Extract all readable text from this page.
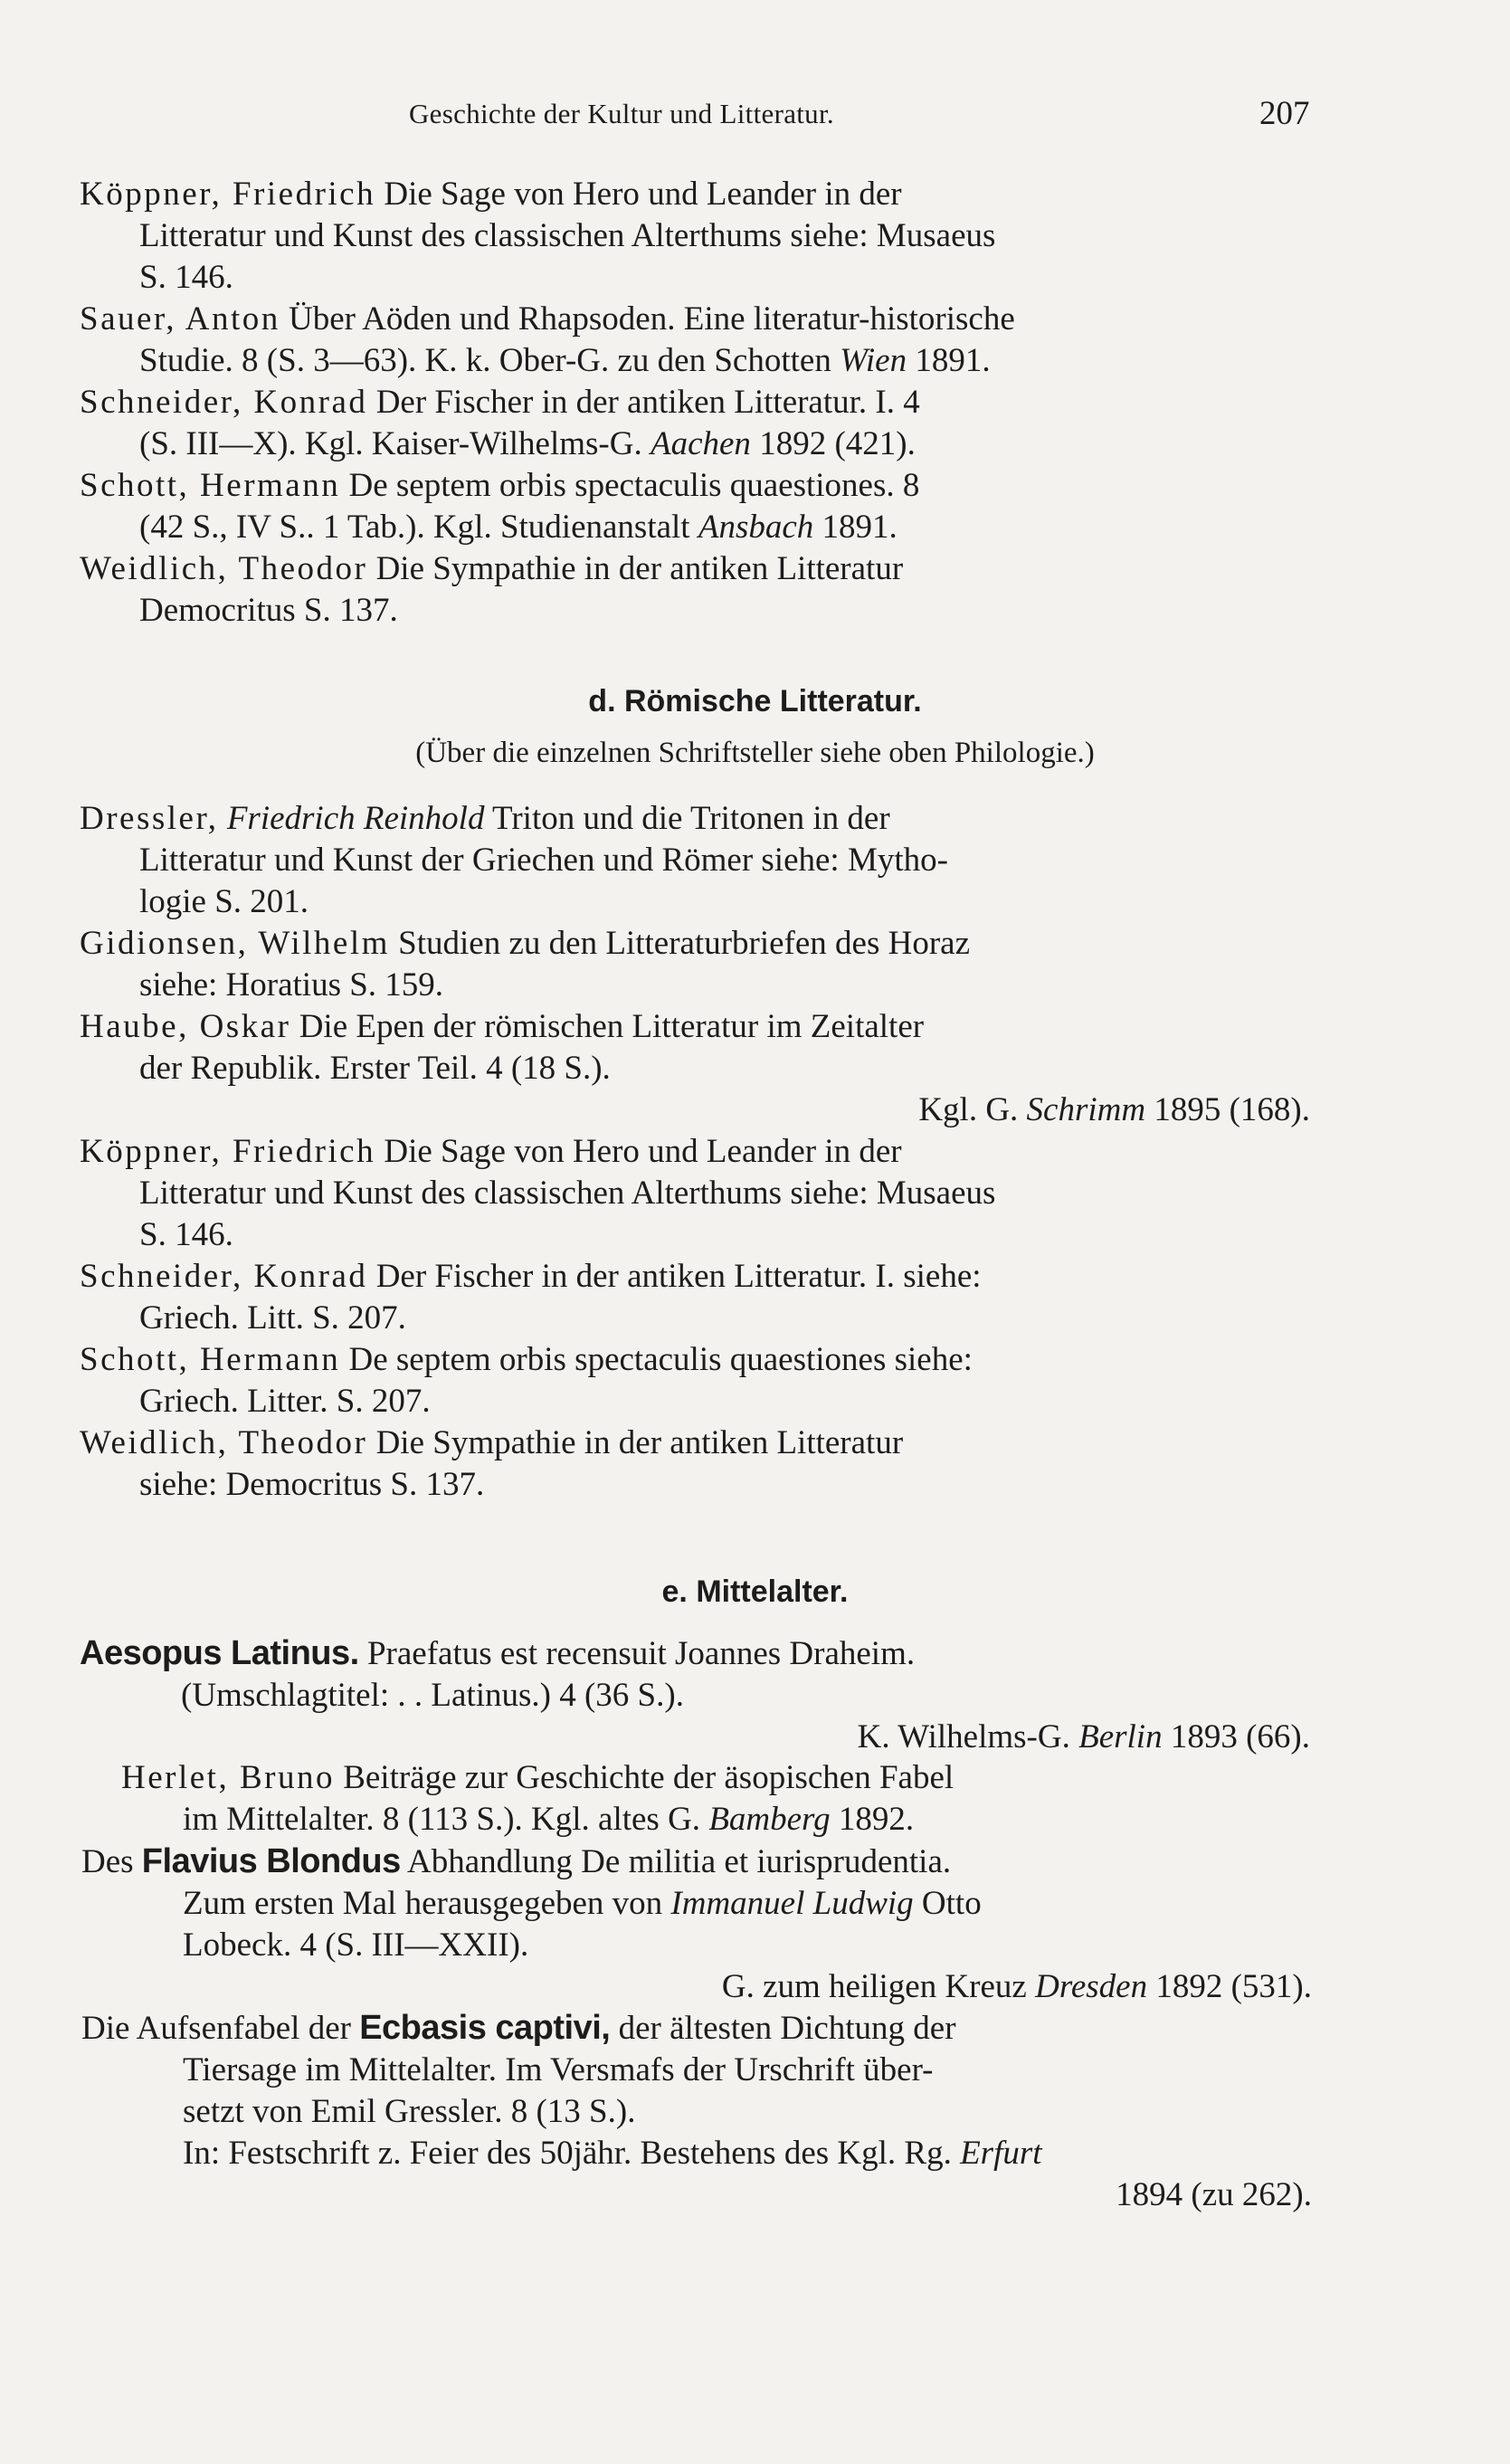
Geschichte der Kultur und Litteratur.	207
Köppner, Friedrich Die Sage von Hero und Leander in der
Litteratur und Kunst des classischen Alterthums siehe: Musaeus
S. 146.
Sauer, Anton Über Aöden und Rhapsoden. Eine literatur-historische
Studie. 8 (S. 3—63). K. k. Ober-G. zu den Schotten Wien 1891.
Schneider, Konrad Der Fischer in der antiken Litteratur. I. 4
(S. III—X). Kgl. Kaiser-Wilhelms-G. Aachen 1892 (421).
Schott, Hermann De septem orbis spectaculis quaestiones. 8
(42 S., IV S.. 1 Tab.). Kgl. Studienanstalt Ansbach 1891.
Weidlich, Theodor Die Sympathie in der antiken Litteratur
Democritus S. 137.
d. Römische Litteratur.
(Über die einzelnen Schriftsteller siehe oben Philologie.)
Dressler, Friedrich Reinhold Triton und die Tritonen in der
Litteratur und Kunst der Griechen und Römer siehe: Mytho-
logie S. 201.
Gidionsen, Wilhelm Studien zu den Litteraturbriefen des Horaz
siehe: Horatius S. 159.
Haube, Oskar Die Epen der römischen Litteratur im Zeitalter
der Republik. Erster Teil. 4 (18 S.).
Kgl. G. Schrimm 1895 (168).
Köppner, Friedrich Die Sage von Hero und Leander in der
Litteratur und Kunst des classischen Alterthums siehe: Musaeus
S. 146.
Schneider, Konrad Der Fischer in der antiken Litteratur. I. siehe:
Griech. Litt. S. 207.
Schott, Hermann De septem orbis spectaculis quaestiones siehe:
Griech. Litter. S. 207.
Weidlich, Theodor Die Sympathie in der antiken Litteratur
siehe: Democritus S. 137.
e. Mittelalter.
Aesopus Latinus. Praefatus est recensuit Joannes Draheim.
(Umschlagtitel: . . Latinus.) 4 (36 S.).
K. Wilhelms-G. Berlin 1893 (66).
Herlet, Bruno Beiträge zur Geschichte der äsopischen Fabel
im Mittelalter. 8 (113 S.). Kgl. altes G. Bamberg 1892.
Des Flavius Blondus Abhandlung De militia et iurisprudentia.
Zum ersten Mal herausgegeben von Immanuel Ludwig Otto
Lobeck. 4 (S. III—XXII).
G. zum heiligen Kreuz Dresden 1892 (531).
Die Aufsenfabel der Ecbasis captivi, der ältesten Dichtung der
Tiersage im Mittelalter. Im Versmafs der Urschrift über-
setzt von Emil Gressler. 8 (13 S.).
In: Festschrift z. Feier des 50jähr. Bestehens des Kgl. Rg. Erfurt
1894 (zu 262).
